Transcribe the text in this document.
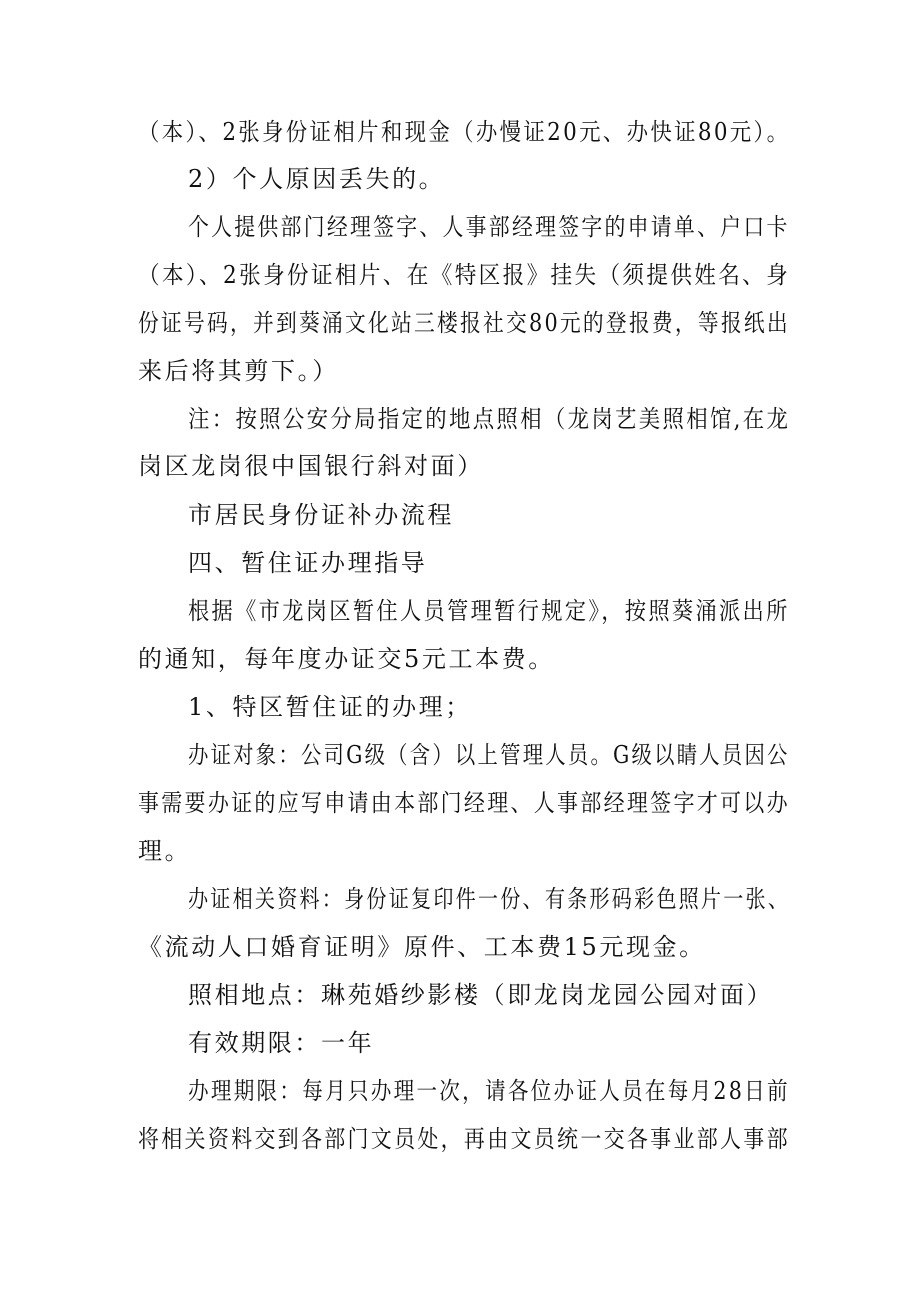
（本）、2张身份证相片和现金（办慢证20元、办快证80元）。
2）个人原因丢失的。
个人提供部门经理签字、人事部经理签字的申请单、户口卡
（本）、2张身份证相片、在《特区报》挂失（须提供姓名、身
份证号码，并到葵涌文化站三楼报社交80元的登报费，等报纸出
来后将其剪下。）
注：按照公安分局指定的地点照相（龙岗艺美照相馆,在龙
岗区龙岗很中国银行斜对面）
市居民身份证补办流程
四、暂住证办理指导
根据《市龙岗区暂住人员管理暂行规定》，按照葵涌派出所
的通知，每年度办证交5元工本费。
1、特区暂住证的办理；
办证对象：公司G级（含）以上管理人员。G级以睛人员因公
事需要办证的应写申请由本部门经理、人事部经理签字才可以办
理。
办证相关资料：身份证复印件一份、有条形码彩色照片一张、
《流动人口婚育证明》原件、工本费15元现金。
照相地点：琳苑婚纱影楼（即龙岗龙园公园对面）
有效期限：一年
办理期限：每月只办理一次，请各位办证人员在每月28日前
将相关资料交到各部门文员处，再由文员统一交各事业部人事部
